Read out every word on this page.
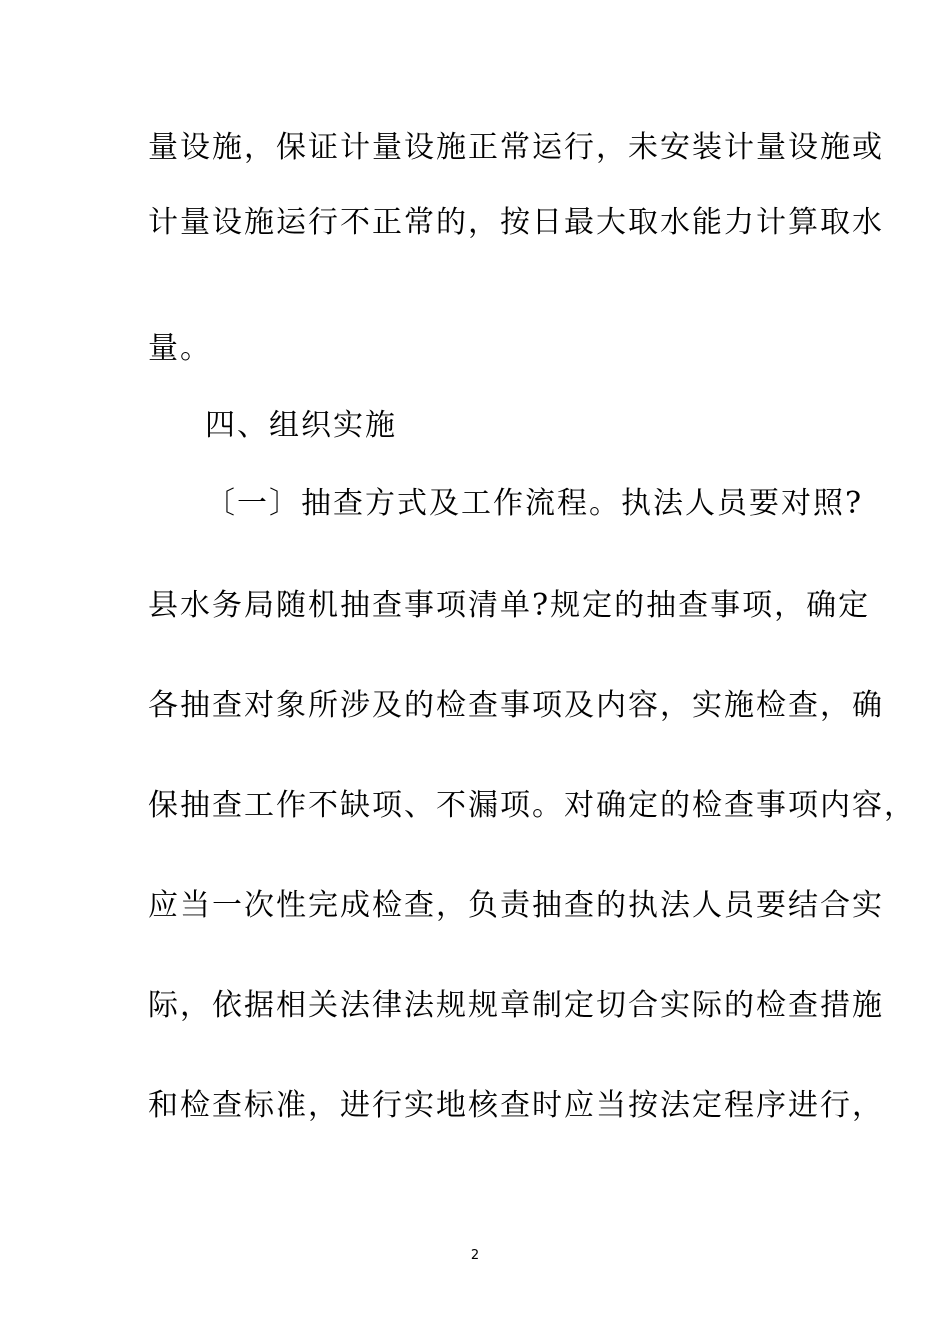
量设施，保证计量设施正常运行，未安装计量设施或
计量设施运行不正常的，按日最大取水能力计算取水
量。
四、组织实施
〔一〕抽查方式及工作流程。执法人员要对照?
县水务局随机抽查事项清单?规定的抽查事项，确定
各抽查对象所涉及的检查事项及内容，实施检查，确
保抽查工作不缺项、不漏项。对确定的检查事项内容，
应当一次性完成检查，负责抽查的执法人员要结合实
际，依据相关法律法规规章制定切合实际的检查措施
和检查标准，进行实地核查时应当按法定程序进行，
2
